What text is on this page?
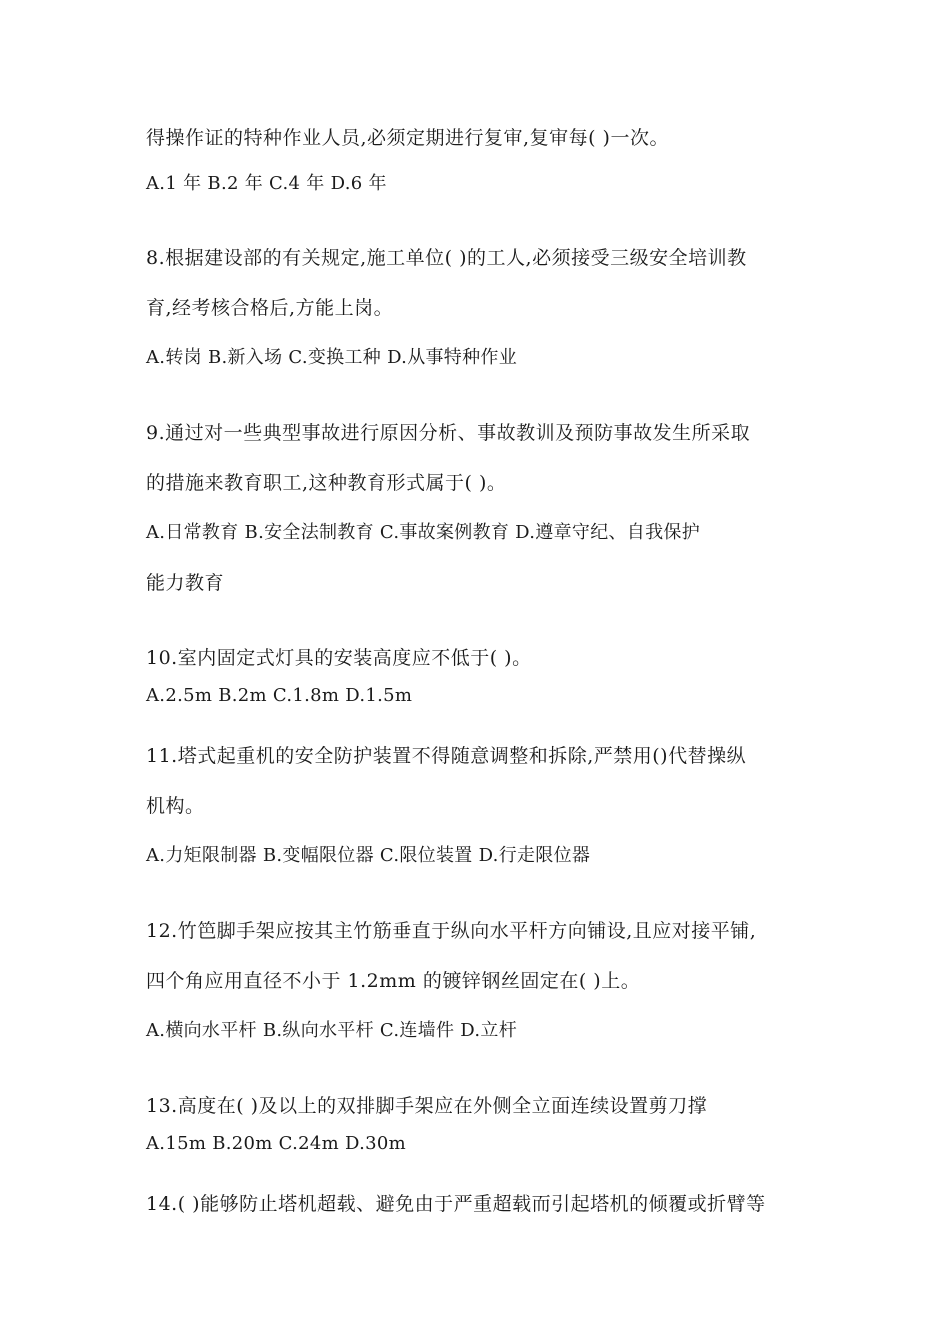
得操作证的特种作业人员,必须定期进行复审,复审每( )一次。
A.1 年 B.2 年 C.4 年 D.6 年
8.根据建设部的有关规定,施工单位( )的工人,必须接受三级安全培训教
育,经考核合格后,方能上岗。
A.转岗 B.新入场 C.变换工种 D.从事特种作业
9.通过对一些典型事故进行原因分析、事故教训及预防事故发生所采取
的措施来教育职工,这种教育形式属于( )。
A.日常教育 B.安全法制教育 C.事故案例教育 D.遵章守纪、自我保护
能力教育
10.室内固定式灯具的安装高度应不低于( )。
A.2.5m B.2m C.1.8m D.1.5m
11.塔式起重机的安全防护装置不得随意调整和拆除,严禁用()代替操纵
机构。
A.力矩限制器 B.变幅限位器 C.限位装置 D.行走限位器
12.竹笆脚手架应按其主竹筋垂直于纵向水平杆方向铺设,且应对接平铺,
四个角应用直径不小于 1.2mm 的镀锌钢丝固定在( )上。
A.横向水平杆 B.纵向水平杆 C.连墙件 D.立杆
13.高度在( )及以上的双排脚手架应在外侧全立面连续设置剪刀撑
A.15m B.20m C.24m D.30m
14.( )能够防止塔机超载、避免由于严重超载而引起塔机的倾覆或折臂等
